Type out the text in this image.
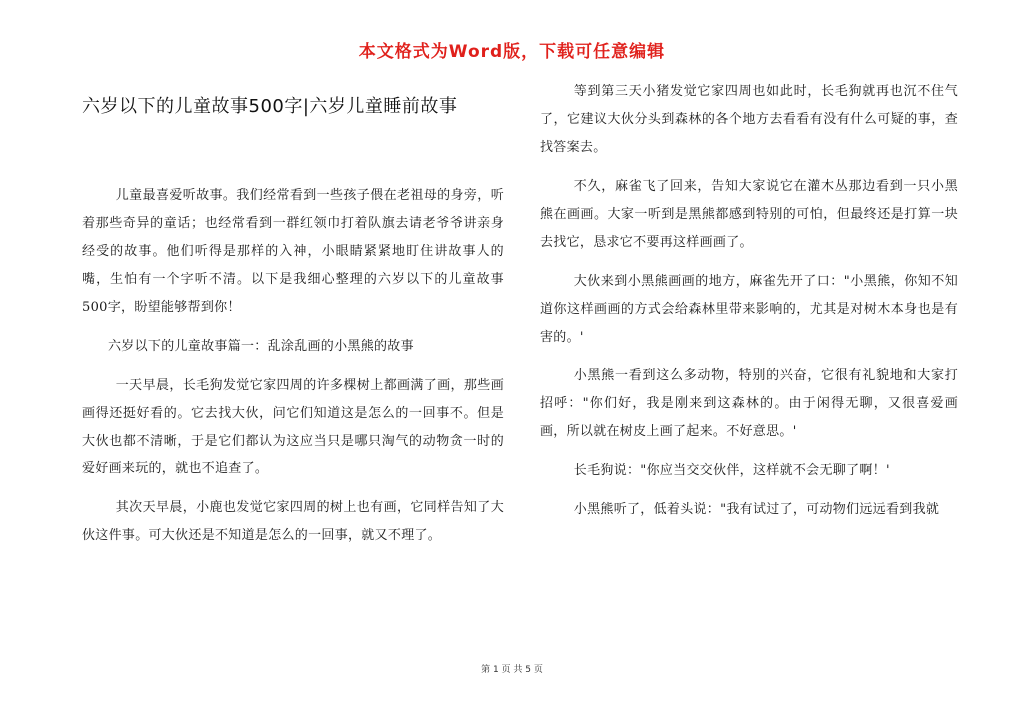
本文格式为Word版，下载可任意编辑
六岁以下的儿童故事500字|六岁儿童睡前故事

儿童最喜爱听故事。我们经常看到一些孩子偎在老祖母的身旁，听着那些奇异的童话；也经常看到一群红领巾打着队旗去请老爷爷讲亲身经受的故事。他们听得是那样的入神，小眼睛紧紧地盯住讲故事人的嘴，生怕有一个字听不清。以下是我细心整理的六岁以下的儿童故事500字，盼望能够帮到你！

六岁以下的儿童故事篇一：乱涂乱画的小黑熊的故事

一天早晨，长毛狗发觉它家四周的许多棵树上都画满了画，那些画画得还挺好看的。它去找大伙，问它们知道这是怎么的一回事不。但是大伙也都不清晰，于是它们都认为这应当只是哪只淘气的动物贪一时的爱好画来玩的，就也不追查了。

其次天早晨，小鹿也发觉它家四周的树上也有画，它同样告知了大伙这件事。可大伙还是不知道是怎么的一回事，就又不理了。

等到第三天小猪发觉它家四周也如此时，长毛狗就再也沉不住气了，它建议大伙分头到森林的各个地方去看看有没有什么可疑的事，查找答案去。

不久，麻雀飞了回来，告知大家说它在灌木丛那边看到一只小黑熊在画画。大家一听到是黑熊都感到特别的可怕，但最终还是打算一块去找它，恳求它不要再这样画画了。

大伙来到小黑熊画画的地方，麻雀先开了口："小黑熊，你知不知道你这样画画的方式会给森林里带来影响的，尤其是对树木本身也是有害的。'

小黑熊一看到这么多动物，特别的兴奋，它很有礼貌地和大家打招呼："你们好，我是刚来到这森林的。由于闲得无聊，又很喜爱画画，所以就在树皮上画了起来。不好意思。'

长毛狗说："你应当交交伙伴，这样就不会无聊了啊！'

小黑熊听了，低着头说："我有试过了，可动物们远远看到我就

第 1 页 共 5 页
